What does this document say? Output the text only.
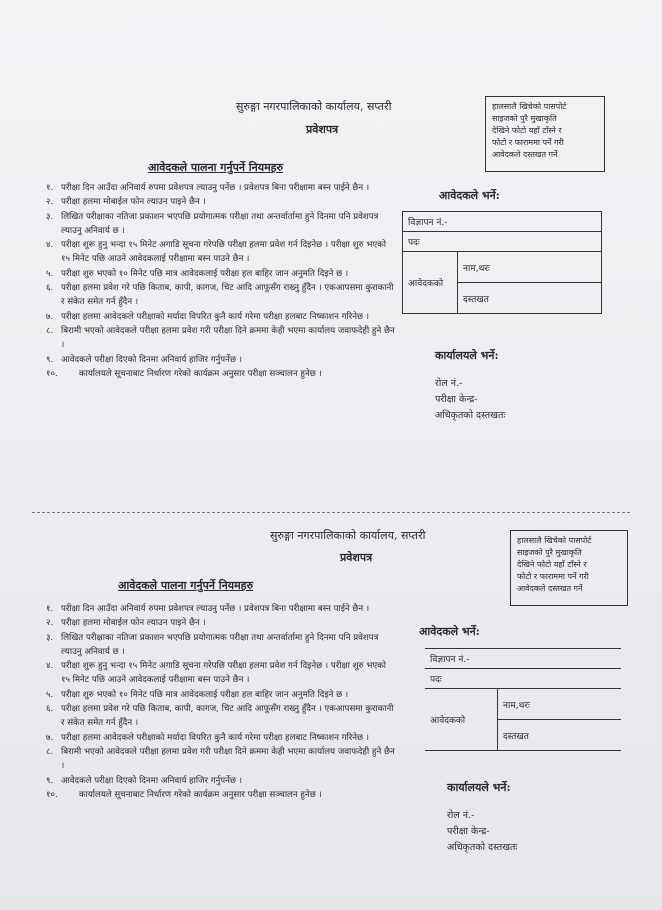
सुरुङ्गा नगरपालिकाको कार्यालय, सप्तरी
प्रवेशपत्र
हालसालै खिचेको पासपोर्ट
साइजको पुरै मुखाकृति
देखिने फोटो यहाँ टाँस्ने र
फोटो र फाराममा पर्ने गरी
आवेदकले दस्तखत गर्ने
आवेदकले पालना गर्नुपर्ने नियमहरु
१. परीक्षा दिन आउँदा अनिवार्य रुपमा प्रवेशपत्र ल्याउनु पर्नेछ । प्रवेशपत्र बिना परीक्षामा बस्न पाईने छैन ।
२. परीक्षा हलमा मोबाईल फोन ल्याउन पाइने छैन ।
३. लिखित परीक्षाका नतिजा प्रकाशन भएपछि प्रयोगात्मक परीक्षा तथा अन्तर्वार्तामा हुने दिनमा पनि प्रवेशपत्र ल्याउनु अनिवार्य छ ।
४. परीक्षा शुरू हुनु भन्दा १५ मिनेट अगाडि सूचना गरेपछि परीक्षा हलमा प्रवेश गर्न दिइनेछ । परीक्षा शुरु भएको १५ मिनेट पछि आउने आवेदकलाई परीक्षामा बस्न पाउने छैन ।
५. परीक्षा शुरु भएको १० मिनेट पछि मात्र आवेदकलाई परीक्षा हल बाहिर जान अनुमति दिइने छ ।
६. परीक्षा हलमा प्रवेश गरे पछि किताब, कापी, कागज, चिट आदि आफूसँग राख्नु हुँदैन । एकआपसमा कुराकानी र संकेत समेत गर्न हुँदैन ।
७. परीक्षा हलमा आवेदकले परीक्षाको मर्यादा विपरित कुनै कार्य गरेमा परीक्षा हलबाट निष्काशन गरिनेछ ।
८. बिरामी भएको आवेदकले परीक्षा हलमा प्रवेश गरी परीक्षा दिने क्रममा केही भएमा कार्यालय जवाफदेही हुने छैन ।
९. आवेदकले परीक्षा दिएको दिनमा अनिवार्य हाजिर गर्नुपर्नेछ ।
१०. कार्यालयले सूचनाबाट निर्धारण गरेको कार्यक्रम अनुसार परीक्षा सञ्चालन हुनेछ ।
आवेदकले भर्ने:
विज्ञापन नं.-
पदः
आवेदकको	नाम,थरः
दस्तखत
कार्यालयले भर्ने:
रोल नं.-
परीक्षा केन्द्र-
अधिकृतको दस्तखतः
सुरुङ्गा नगरपालिकाको कार्यालय, सप्तरी
प्रवेशपत्र
हालसालै खिचेको पासपोर्ट
साइजको पुरै मुखाकृति
देखिने फोटो यहाँ टाँस्ने र
फोटो र फाराममा पर्ने गरी
आवेदकले दस्तखत गर्ने
आवेदकले पालना गर्नुपर्ने नियमहरु
१. परीक्षा दिन आउँदा अनिवार्य रुपमा प्रवेशपत्र ल्याउनु पर्नेछ । प्रवेशपत्र बिना परीक्षामा बस्न पाईने छैन ।
२. परीक्षा हलमा मोबाईल फोन ल्याउन पाइने छैन ।
३. लिखित परीक्षाका नतिजा प्रकाशन भएपछि प्रयोगात्मक परीक्षा तथा अन्तर्वार्तामा हुने दिनमा पनि प्रवेशपत्र ल्याउनु अनिवार्य छ ।
४. परीक्षा शुरू हुनु भन्दा १५ मिनेट अगाडि सूचना गरेपछि परीक्षा हलमा प्रवेश गर्न दिइनेछ । परीक्षा शुरु भएको १५ मिनेट पछि आउने आवेदकलाई परीक्षामा बस्न पाउने छैन ।
५. परीक्षा शुरु भएको १० मिनेट पछि मात्र आवेदकलाई परीक्षा हल बाहिर जान अनुमति दिइने छ ।
६. परीक्षा हलमा प्रवेश गरे पछि किताब, कापी, कागज, चिट आदि आफूसँग राख्नु हुँदैन । एकआपसमा कुराकानी र संकेत समेत गर्न हुँदैन ।
७. परीक्षा हलमा आवेदकले परीक्षाको मर्यादा विपरित कुनै कार्य गरेमा परीक्षा हलबाट निष्काशन गरिनेछ ।
८. बिरामी भएको आवेदकले परीक्षा हलमा प्रवेश गरी परीक्षा दिने क्रममा केही भएमा कार्यालय जवाफदेही हुने छैन ।
९. आवेदकले परीक्षा दिएको दिनमा अनिवार्य हाजिर गर्नुपर्नेछ ।
१०. कार्यालयले सूचनाबाट निर्धारण गरेको कार्यक्रम अनुसार परीक्षा सञ्चालन हुनेछ ।
आवेदकले भर्ने:
विज्ञापन नं.-
पदः
आवेदकको	नाम,थरः
दस्तखत
कार्यालयले भर्ने:
रोल नं.-
परीक्षा केन्द्र-
अधिकृतको दस्तखतः
